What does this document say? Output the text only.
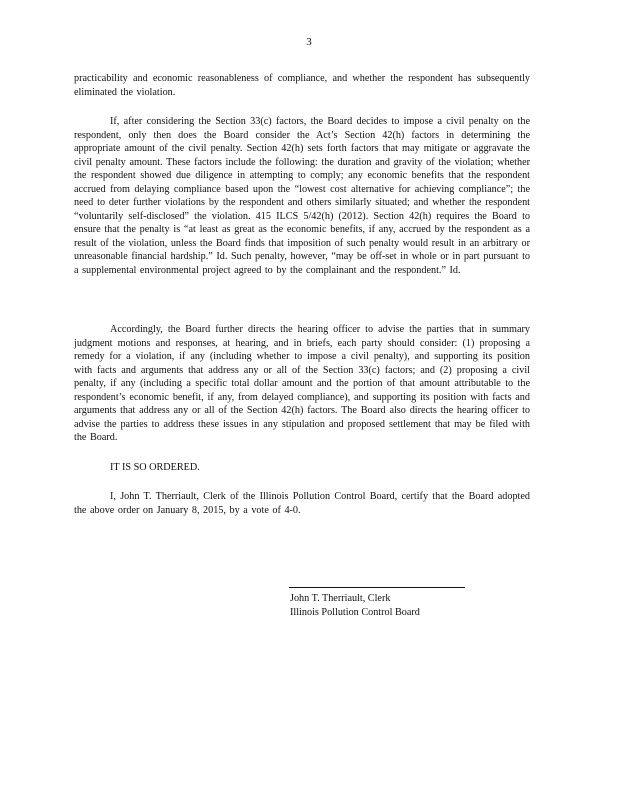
3
practicability and economic reasonableness of compliance, and whether the respondent has subsequently eliminated the violation.
If, after considering the Section 33(c) factors, the Board decides to impose a civil penalty on the respondent, only then does the Board consider the Act’s Section 42(h) factors in determining the appropriate amount of the civil penalty. Section 42(h) sets forth factors that may mitigate or aggravate the civil penalty amount. These factors include the following: the duration and gravity of the violation; whether the respondent showed due diligence in attempting to comply; any economic benefits that the respondent accrued from delaying compliance based upon the “lowest cost alternative for achieving compliance”; the need to deter further violations by the respondent and others similarly situated; and whether the respondent “voluntarily self-disclosed” the violation. 415 ILCS 5/42(h) (2012). Section 42(h) requires the Board to ensure that the penalty is “at least as great as the economic benefits, if any, accrued by the respondent as a result of the violation, unless the Board finds that imposition of such penalty would result in an arbitrary or unreasonable financial hardship.” Id. Such penalty, however, “may be off-set in whole or in part pursuant to a supplemental environmental project agreed to by the complainant and the respondent.” Id.
Accordingly, the Board further directs the hearing officer to advise the parties that in summary judgment motions and responses, at hearing, and in briefs, each party should consider: (1) proposing a remedy for a violation, if any (including whether to impose a civil penalty), and supporting its position with facts and arguments that address any or all of the Section 33(c) factors; and (2) proposing a civil penalty, if any (including a specific total dollar amount and the portion of that amount attributable to the respondent’s economic benefit, if any, from delayed compliance), and supporting its position with facts and arguments that address any or all of the Section 42(h) factors. The Board also directs the hearing officer to advise the parties to address these issues in any stipulation and proposed settlement that may be filed with the Board.
IT IS SO ORDERED.
I, John T. Therriault, Clerk of the Illinois Pollution Control Board, certify that the Board adopted the above order on January 8, 2015, by a vote of 4-0.
John T. Therriault, Clerk
Illinois Pollution Control Board
